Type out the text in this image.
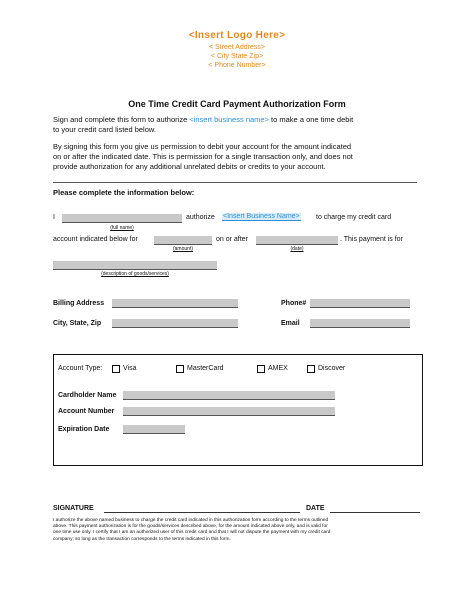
<Insert Logo Here>
< Street Address>
< City State Zip>
< Phone Number>
One Time Credit Card Payment Authorization Form
Sign and complete this form to authorize <insert business name> to make a one time debit
to your credit card listed below.
By signing this form you give us permission to debit your account for the amount indicated
on or after the indicated date. This is permission for a single transaction only, and does not
provide authorization for any additional unrelated debits or credits to your account.
Please complete the information below:
I
(full name)
authorize <Insert Business Name> to charge my credit card
account indicated below for
(amount)
on or after
(date)
. This payment is for
(description of goods/services)
Billing Address	Phone#
City, State, Zip	Email
Account Type:	Visa	MasterCard	AMEX	Discover
Cardholder Name
Account Number
Expiration Date
SIGNATURE	DATE
I authorize the above named business to charge the credit card indicated in this authorization form according to the terms outlined
above. This payment authorization is for the goods/services described above, for the amount indicated above only, and is valid for
one time use only. I certify that I am an authorized user of this credit card and that I will not dispute the payment with my credit card
company; so long as the transaction corresponds to the terms indicated in this form.
